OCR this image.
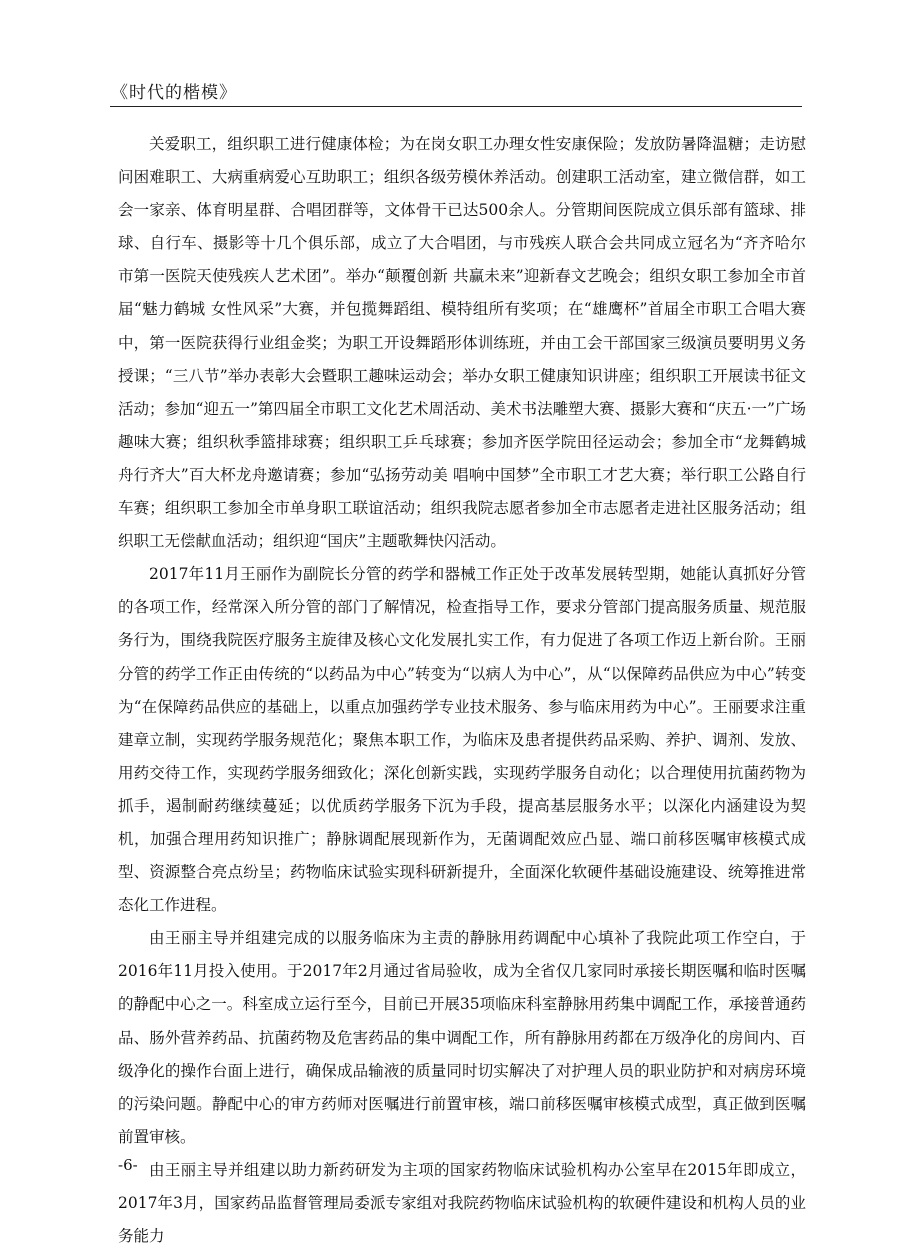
《时代的楷模》

关爱职工，组织职工进行健康体检；为在岗女职工办理女性安康保险；发放防暑降温糖；走访慰问困难职工、大病重病爱心互助职工；组织各级劳模休养活动。创建职工活动室，建立微信群，如工会一家亲、体育明星群、合唱团群等，文体骨干已达500余人。分管期间医院成立俱乐部有篮球、排球、自行车、摄影等十几个俱乐部，成立了大合唱团，与市残疾人联合会共同成立冠名为“齐齐哈尔市第一医院天使残疾人艺术团”。举办“颠覆创新 共赢未来”迎新春文艺晚会；组织女职工参加全市首届“魅力鹤城 女性风采”大赛，并包揽舞蹈组、模特组所有奖项；在“雄鹰杯”首届全市职工合唱大赛中，第一医院获得行业组金奖；为职工开设舞蹈形体训练班，并由工会干部国家三级演员要明男义务授课；“三八节”举办表彰大会暨职工趣味运动会；举办女职工健康知识讲座；组织职工开展读书征文活动；参加“迎五一”第四届全市职工文化艺术周活动、美术书法雕塑大赛、摄影大赛和“庆五·一”广场趣味大赛；组织秋季篮排球赛；组织职工乒乓球赛；参加齐医学院田径运动会；参加全市“龙舞鹤城 舟行齐大”百大杯龙舟邀请赛；参加“弘扬劳动美 唱响中国梦”全市职工才艺大赛；举行职工公路自行车赛；组织职工参加全市单身职工联谊活动；组织我院志愿者参加全市志愿者走进社区服务活动；组织职工无偿献血活动；组织迎“国庆”主题歌舞快闪活动。

2017年11月王丽作为副院长分管的药学和器械工作正处于改革发展转型期，她能认真抓好分管的各项工作，经常深入所分管的部门了解情况，检查指导工作，要求分管部门提高服务质量、规范服务行为，围绕我院医疗服务主旋律及核心文化发展扎实工作，有力促进了各项工作迈上新台阶。王丽分管的药学工作正由传统的“以药品为中心”转变为“以病人为中心”，从“以保障药品供应为中心”转变为“在保障药品供应的基础上，以重点加强药学专业技术服务、参与临床用药为中心”。王丽要求注重建章立制，实现药学服务规范化；聚焦本职工作，为临床及患者提供药品采购、养护、调剂、发放、用药交待工作，实现药学服务细致化；深化创新实践，实现药学服务自动化；以合理使用抗菌药物为抓手，遏制耐药继续蔓延；以优质药学服务下沉为手段，提高基层服务水平；以深化内涵建设为契机，加强合理用药知识推广；静脉调配展现新作为，无菌调配效应凸显、端口前移医嘱审核模式成型、资源整合亮点纷呈；药物临床试验实现科研新提升，全面深化软硬件基础设施建设、统筹推进常态化工作进程。

由王丽主导并组建完成的以服务临床为主责的静脉用药调配中心填补了我院此项工作空白，于2016年11月投入使用。于2017年2月通过省局验收，成为全省仅几家同时承接长期医嘱和临时医嘱的静配中心之一。科室成立运行至今，目前已开展35项临床科室静脉用药集中调配工作，承接普通药品、肠外营养药品、抗菌药物及危害药品的集中调配工作，所有静脉用药都在万级净化的房间内、百级净化的操作台面上进行，确保成品输液的质量同时切实解决了对护理人员的职业防护和对病房环境的污染问题。静配中心的审方药师对医嘱进行前置审核，端口前移医嘱审核模式成型，真正做到医嘱前置审核。

由王丽主导并组建以助力新药研发为主项的国家药物临床试验机构办公室早在2015年即成立，2017年3月，国家药品监督管理局委派专家组对我院药物临床试验机构的软硬件建设和机构人员的业务能力

-6-
